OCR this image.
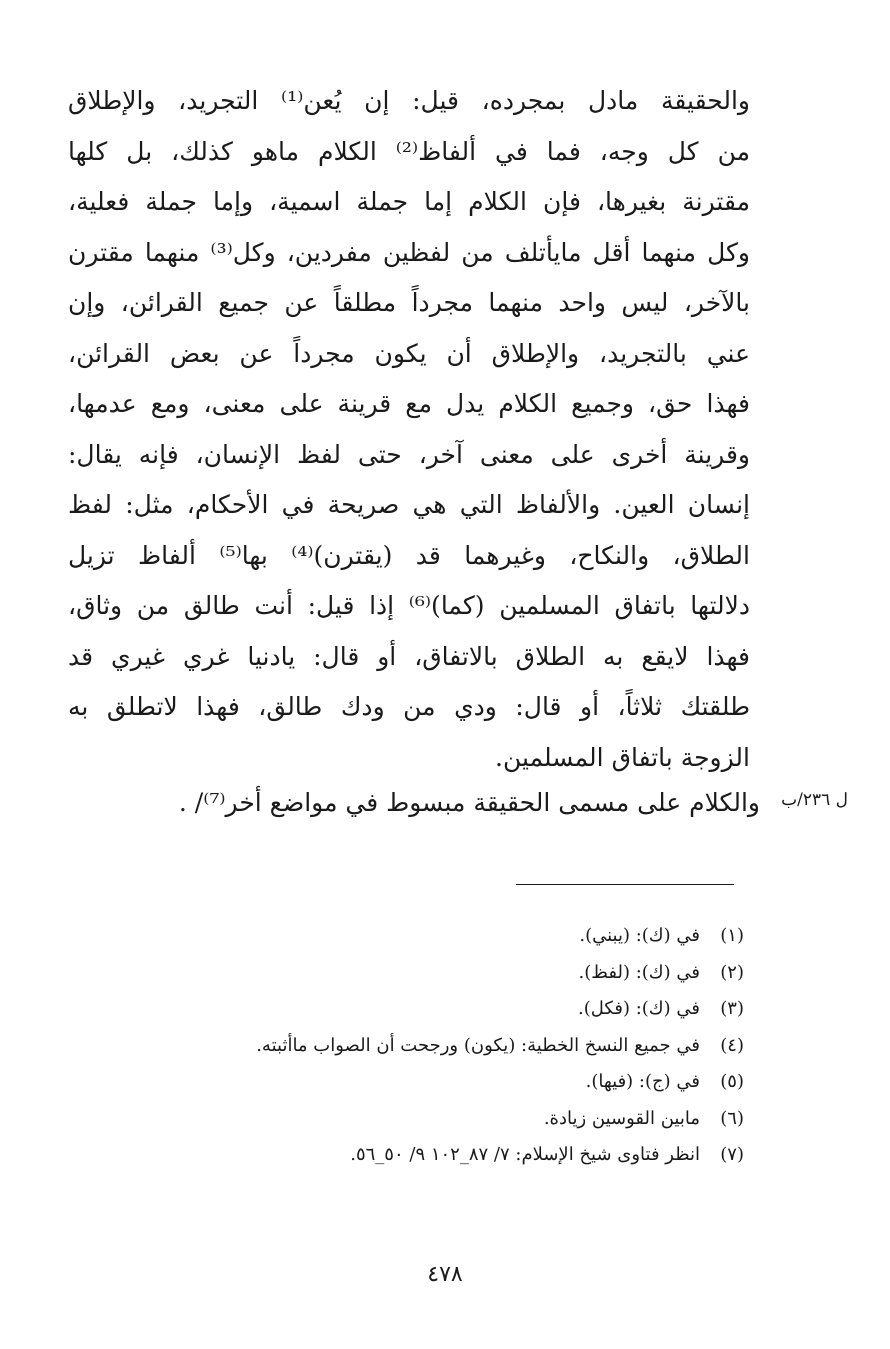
والحقيقة مادل بمجرده، قيل: إن يُعن⁽¹⁾ التجريد، والإطلاق
من كل وجه، فما في ألفاظ⁽²⁾ الكلام ماهو كذلك، بل كلها
مقترنة بغيرها، فإن الكلام إما جملة اسمية، وإما جملة فعلية،
وكل منهما أقل مايأتلف من لفظين مفردين، وكل⁽³⁾ منهما مقترن
بالآخر، ليس واحد منهما مجرداً مطلقاً عن جميع القرائن، وإن
عني بالتجريد، والإطلاق أن يكون مجرداً عن بعض القرائن،
فهذا حق، وجميع الكلام يدل مع قرينة على معنى، ومع عدمها،
وقرينة أخرى على معنى آخر، حتى لفظ الإنسان، فإنه يقال:
إنسان العين. والألفاظ التي هي صريحة في الأحكام، مثل: لفظ
الطلاق، والنكاح، وغيرهما قد (يقترن)⁽⁴⁾ بها⁽⁵⁾ ألفاظ تزيل
دلالتها باتفاق المسلمين (كما)⁽⁶⁾ إذا قيل: أنت طالق من وثاق،
فهذا لايقع به الطلاق بالاتفاق، أو قال: يادنيا غري غيري قد
طلقتك ثلاثاً، أو قال: ودي من ودك طالق، فهذا لاتطلق به
الزوجة باتفاق المسلمين.
والكلام على مسمى الحقيقة مبسوط في مواضع أخر⁽⁷⁾/ . ل ٢٣٦/ب
(١)
في (ك): (يبني).
(٢)
في (ك): (لفظ).
(٣)
في (ك): (فكل).
(٤)
في جميع النسخ الخطية: (يكون) ورجحت أن الصواب ماأثبته.
(٥)
في (ج): (فيها).
(٦)
مابين القوسين زيادة.
(٧)
انظر فتاوى شيخ الإسلام: ٧/ ٨٧_١٠٢ ٩/ ٥٠_٥٦.
٤٧٨
